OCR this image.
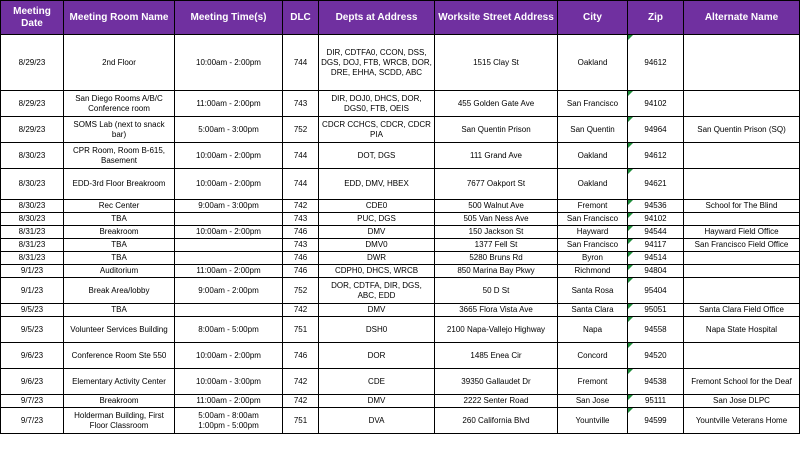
Meeting Date	Meeting Room Name	Meeting Time(s)	DLC	Depts at Address	Worksite Street Address	City	Zip	Alternate Name
8/29/23	2nd Floor	10:00am - 2:00pm	744	DIR, CDTFA0, CCON, DSS, DGS, DOJ, FTB, WRCB, DOR, DRE, EHHA, SCDD, ABC	1515 Clay St	Oakland	94612	
8/29/23	San Diego Rooms A/B/C Conference room	11:00am - 2:00pm	743	DIR, DOJ0, DHCS, DOR, DGS0, FTB, OEIS	455 Golden Gate Ave	San Francisco	94102	
8/29/23	SOMS Lab (next to snack bar)	5:00am - 3:00pm	752	CDCR CCHCS, CDCR, CDCR PIA	San Quentin Prison	San Quentin	94964	San Quentin Prison (SQ)
8/30/23	CPR Room, Room B-615, Basement	10:00am - 2:00pm	744	DOT, DGS	111 Grand Ave	Oakland	94612	
8/30/23	EDD-3rd Floor Breakroom	10:00am - 2:00pm	744	EDD, DMV, HBEX	7677 Oakport St	Oakland	94621	
8/30/23	Rec Center	9:00am - 3:00pm	742	CDE0	500 Walnut Ave	Fremont	94536	School for The Blind
8/30/23	TBA		743	PUC, DGS	505 Van Ness Ave	San Francisco	94102	
8/31/23	Breakroom	10:00am - 2:00pm	746	DMV	150 Jackson St	Hayward	94544	Hayward Field Office
8/31/23	TBA		743	DMV0	1377 Fell St	San Francisco	94117	San Francisco Field Office
8/31/23	TBA		746	DWR	5280 Bruns Rd	Byron	94514	
9/1/23	Auditorium	11:00am - 2:00pm	746	CDPH0, DHCS, WRCB	850 Marina Bay Pkwy	Richmond	94804	
9/1/23	Break Area/lobby	9:00am - 2:00pm	752	DOR, CDTFA, DIR, DGS, ABC, EDD	50 D St	Santa Rosa	95404	
9/5/23	TBA		742	DMV	3665 Flora Vista Ave	Santa Clara	95051	Santa Clara Field Office
9/5/23	Volunteer Services Building	8:00am - 5:00pm	751	DSH0	2100 Napa-Vallejo Highway	Napa	94558	Napa State Hospital
9/6/23	Conference Room Ste 550	10:00am - 2:00pm	746	DOR	1485 Enea Cir	Concord	94520	
9/6/23	Elementary Activity Center	10:00am - 3:00pm	742	CDE	39350 Gallaudet Dr	Fremont	94538	Fremont School for the Deaf
9/7/23	Breakroom	11:00am - 2:00pm	742	DMV	2222 Senter Road	San Jose	95111	San Jose DLPC
9/7/23	Holderman Building, First Floor Classroom	5:00am - 8:00am
1:00pm - 5:00pm	751	DVA	260 California Blvd	Yountville	94599	Yountville Veterans Home
